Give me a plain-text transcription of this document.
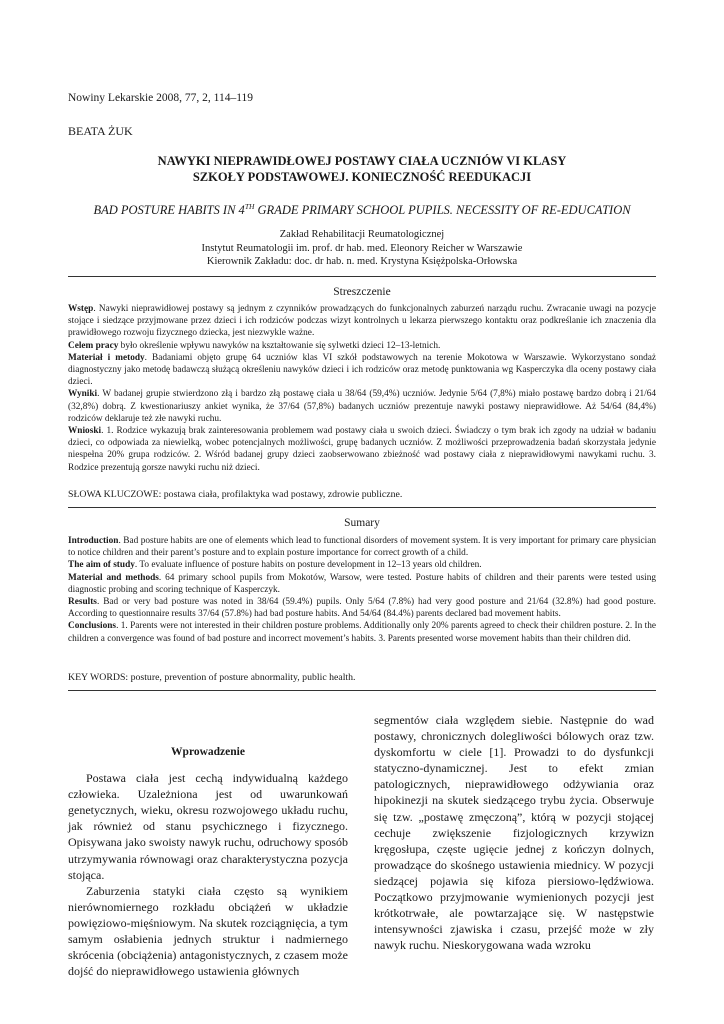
Nowiny Lekarskie 2008, 77, 2, 114–119
BEATA ŻUK
NAWYKI NIEPRAWIDŁOWEJ POSTAWY CIAŁA UCZNIÓW VI KLASY
SZKOŁY PODSTAWOWEJ. KONIECZNOŚĆ REEDUKACJI
BAD POSTURE HABITS IN 4TH GRADE PRIMARY SCHOOL PUPILS. NECESSITY OF RE-EDUCATION
Zakład Rehabilitacji Reumatologicznej
Instytut Reumatologii im. prof. dr hab. med. Eleonory Reicher w Warszawie
Kierownik Zakładu: doc. dr hab. n. med. Krystyna Księżpolska-Orłowska
Streszczenie

Wstęp. Nawyki nieprawidłowej postawy są jednym z czynników prowadzących do funkcjonalnych zaburzeń narządu ruchu. Zwracanie uwagi na pozycje stojące i siedzące przyjmowane przez dzieci i ich rodziców podczas wizyt kontrolnych u lekarza pierwszego kontaktu oraz podkreślanie ich znaczenia dla prawidłowego rozwoju fizycznego dziecka, jest niezwykle ważne.

Celem pracy było określenie wpływu nawyków na kształtowanie się sylwetki dzieci 12–13-letnich.

Materiał i metody. Badaniami objęto grupę 64 uczniów klas VI szkół podstawowych na terenie Mokotowa w Warszawie. Wykorzystano sondaż diagnostyczny jako metodę badawczą służącą określeniu nawyków dzieci i ich rodziców oraz metodę punktowania wg Kasperczyka dla oceny postawy ciała dzieci.

Wyniki. W badanej grupie stwierdzono złą i bardzo złą postawę ciała u 38/64 (59,4%) uczniów. Jedynie 5/64 (7,8%) miało postawę bardzo dobrą i 21/64 (32,8%) dobrą. Z kwestionariuszy ankiet wynika, że 37/64 (57,8%) badanych uczniów prezentuje nawyki postawy nieprawidłowe. Aż 54/64 (84,4%) rodziców deklaruje też złe nawyki ruchu.

Wnioski. 1. Rodzice wykazują brak zainteresowania problemem wad postawy ciała u swoich dzieci. Świadczy o tym brak ich zgody na udział w badaniu dzieci, co odpowiada za niewielką, wobec potencjalnych możliwości, grupę badanych uczniów. Z możliwości przeprowadzenia badań skorzystała jedynie niespełna 20% grupa rodziców. 2. Wśród badanej grupy dzieci zaobserwowano zbieżność wad postawy ciała z nieprawidłowymi nawykami ruchu. 3. Rodzice prezentują gorsze nawyki ruchu niż dzieci.

SŁOWA KLUCZOWE: postawa ciała, profilaktyka wad postawy, zdrowie publiczne.
Sumary

Introduction. Bad posture habits are one of elements which lead to functional disorders of movement system. It is very important for primary care physician to notice children and their parent’s posture and to explain posture importance for correct growth of a child.

The aim of study. To evaluate influence of posture habits on posture development in 12–13 years old children.

Material and methods. 64 primary school pupils from Mokotów, Warsow, were tested. Posture habits of children and their parents were tested using diagnostic probing and scoring technique of Kasperczyk.

Results. Bad or very bad posture was noted in 38/64 (59.4%) pupils. Only 5/64 (7.8%) had very good posture and 21/64 (32.8%) had good posture. According to questionnaire results 37/64 (57.8%) had bad posture habits. And 54/64 (84.4%) parents declared bad movement habits.

Conclusions. 1. Parents were not interested in their children posture problems. Additionally only 20% parents agreed to check their children posture. 2. In the children a convergence was found of bad posture and incorrect movement’s habits. 3. Parents presented worse movement habits than their children did.

KEY WORDS: posture, prevention of posture abnormality, public health.
Wprowadzenie

Postawa ciała jest cechą indywidualną każdego człowieka. Uzależniona jest od uwarunkowań genetycznych, wieku, okresu rozwojowego układu ruchu, jak również od stanu psychicznego i fizycznego. Opisywana jako swoisty nawyk ruchu, odruchowy sposób utrzymywania równowagi oraz charakterystyczna pozycja stojąca.

Zaburzenia statyki ciała często są wynikiem nierównomiernego rozkładu obciążeń w układzie powięziowo-mięśniowym. Na skutek rozciągnięcia, a tym samym osłabienia jednych struktur i nadmiernego skrócenia (obciążenia) antagonistycznych, z czasem może dojść do nieprawidłowego ustawienia głównych

segmentów ciała względem siebie. Następnie do wad postawy, chronicznych dolegliwości bólowych oraz tzw. dyskomfortu w ciele [1]. Prowadzi to do dysfunkcji statyczno-dynamicznej. Jest to efekt zmian patologicznych, nieprawidłowego odżywiania oraz hipokinezji na skutek siedzącego trybu życia. Obserwuje się tzw. „postawę zmęczoną”, którą w pozycji stojącej cechuje zwiększenie fizjologicznych krzywizn kręgosłupa, częste ugięcie jednej z kończyn dolnych, prowadzące do skośnego ustawienia miednicy. W pozycji siedzącej pojawia się kifoza piersiowo-lędźwiowa. Początkowo przyjmowanie wymienionych pozycji jest krótkotrwałe, ale powtarzające się. W następstwie intensywności zjawiska i czasu, przejść może w zły nawyk ruchu. Nieskorygowana wada wzroku
